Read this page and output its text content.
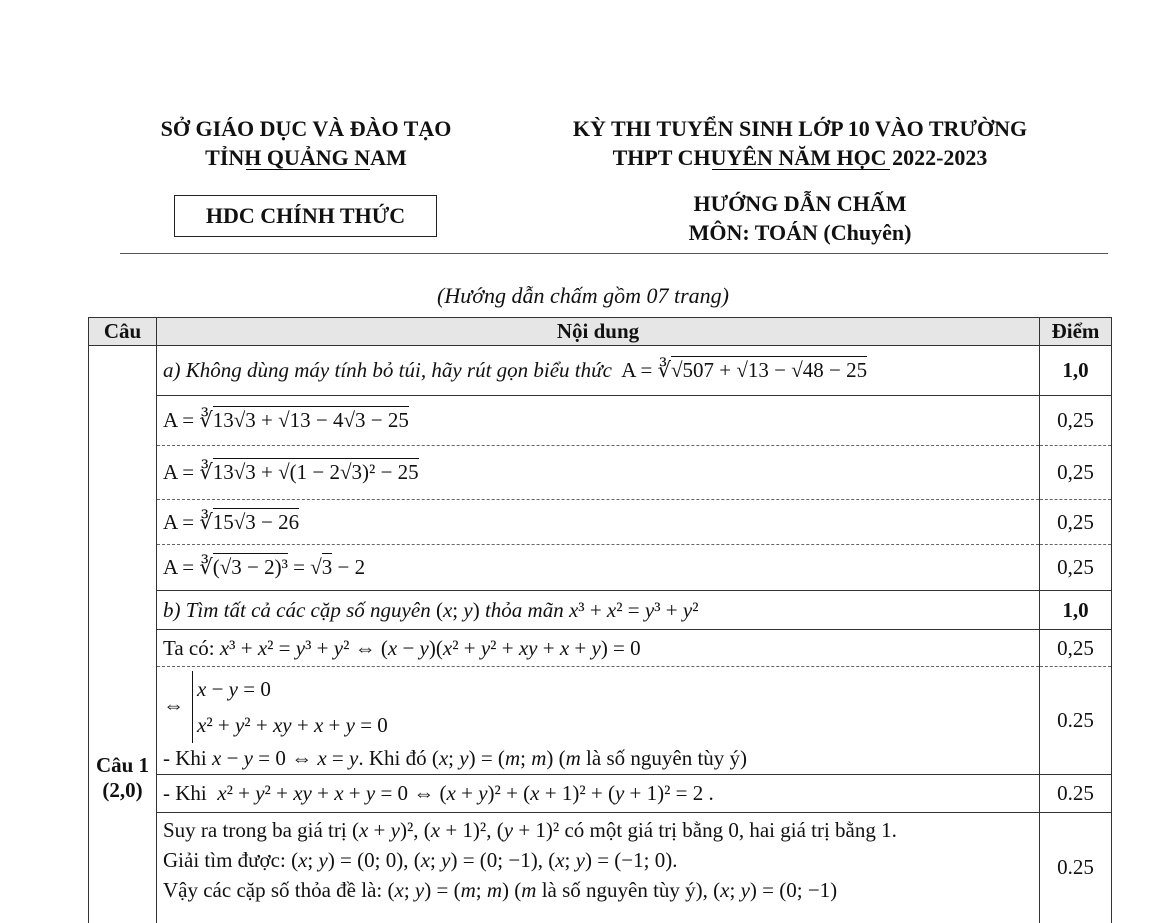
SỞ GIÁO DỤC VÀ ĐÀO TẠO
TỈNH QUẢNG NAM
KỲ THI TUYỂN SINH LỚP 10 VÀO TRƯỜNG
THPT CHUYÊN NĂM HỌC 2022-2023
HDC CHÍNH THỨC	HƯỚNG DẪN CHẤM
MÔN: TOÁN (Chuyên)
(Hướng dẫn chấm gồm 07 trang)
Câu	Nội dung	Điểm

Câu 1
(2,0)	a) Không dùng máy tính bỏ túi, hãy rút gọn biểu thức  A = ∛√507 + √13 − √48 − 25	1,0
	A = ∛13√3 + √13 − 4√3 − 25	0,25
	A = ∛13√3 + √(1 − 2√3)² − 25	0,25
	A = ∛15√3 − 26	0,25
	A = ∛(√3 − 2)³ = √3 − 2	0,25
	b) Tìm tất cả các cặp số nguyên (x; y) thỏa mãn x³ + x² = y³ + y²	1,0
	Ta có: x³ + x² = y³ + y² ⇔ (x − y)(x² + y² + xy + x + y) = 0	0,25

	⇔x − y = 0
x² + y² + xy + x + y = 0
- Khi x − y = 0 ⇔ x = y. Khi đó (x; y) = (m; m) (m là số nguyên tùy ý)	0.25
	- Khi x² + y² + xy + x + y = 0 ⇔ (x + y)² + (x + 1)² + (y + 1)² = 2 .	0.25

	Suy ra trong ba giá trị (x + y)², (x + 1)², (y + 1)² có một giá trị bằng 0, hai giá trị bằng 1.
Giải tìm được: (x; y) = (0; 0), (x; y) = (0; −1), (x; y) = (−1; 0).
Vậy các cặp số thỏa đề là: (x; y) = (m; m) (m là số nguyên tùy ý), (x; y) = (0; −1)	0.25
